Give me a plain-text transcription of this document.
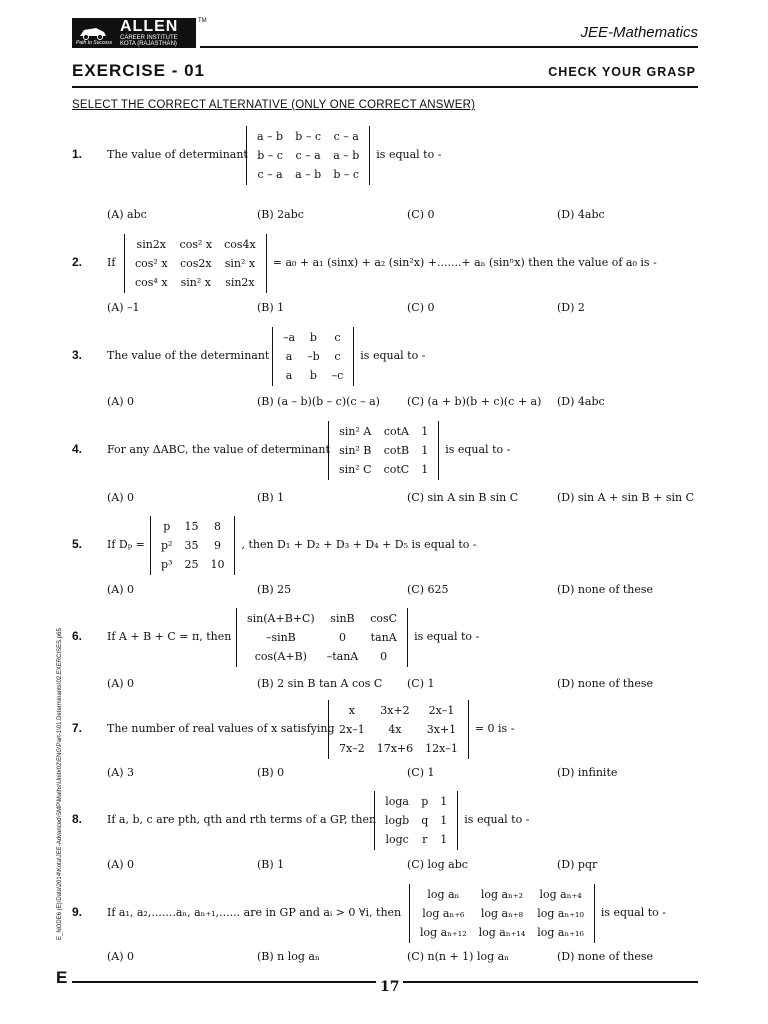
ALLEN
CAREER INSTITUTE
KOTA (RAJASTHAN)
Path to Success
TM
JEE-Mathematics
EXERCISE - 01	CHECK YOUR GRASP
SELECT THE CORRECT ALTERNATIVE (ONLY ONE CORRECT ANSWER)
1. The value of determinant
a – b	b – c	c – a
b – c	c – a	a – b
c – a	a – b	b – c
is equal to -
(A) abc	(B) 2abc	(C) 0	(D) 4abc
2. If
sin2x	cos² x	cos4x
cos² x	cos2x	sin² x
cos⁴ x	sin² x	sin2x
= a₀ + a₁ (sinx) + a₂ (sin²x) +.......+ aₙ (sinⁿx) then the value of a₀ is -
(A) –1	(B) 1	(C) 0	(D) 2
3. The value of the determinant
–a	b	c
a	–b	c
a	b	–c
is equal to -
(A) 0	(B) (a – b)(b – c)(c – a) (C) (a + b)(b + c)(c + a) (D) 4abc
4. For any ΔABC, the value of determinant
sin² A	cotA	1
sin² B	cotB	1
sin² C	cotC	1
is equal to -
(A) 0	(B) 1	(C) sin A sin B sin C	(D) sin A + sin B + sin C
5. If Dₚ =
p	15	8
p²	35	9
p³	25	10
, then D₁ + D₂ + D₃ + D₄ + D₅ is equal to -
(A) 0	(B) 25	(C) 625	(D) none of these
6. If A + B + C = π, then
sin(A+B+C)	sinB	cosC
–sinB	0	tanA
cos(A+B)	–tanA	0
is equal to -
(A) 0	(B) 2 sin B tan A cos C (C) 1	(D) none of these
7. The number of real values of x satisfying
x	3x+2	2x–1
2x–1	4x	3x+1
7x–2	17x+6	12x–1
= 0 is -
(A) 3	(B) 0	(C) 1	(D) infinite
8. If a, b, c are pth, qth and rth terms of a GP, then
loga	p	1
logb	q	1
logc	r	1
is equal to -
(A) 0	(B) 1	(C) log abc	(D) pqr
9. If a₁, a₂,.......aₙ, aₙ₊₁,...... are in GP and aᵢ > 0 ∀i, then
log aₙ	log aₙ₊₂	log aₙ₊₄
log aₙ₊₆	log aₙ₊₈	log aₙ₊₁₀
log aₙ₊₁₂	log aₙ₊₁₄	log aₙ₊₁₆
is equal to -
(A) 0	(B) n log aₙ	(C) n(n + 1) log aₙ	(D) none of these
E_NODE6 (E)\Data\2014\Kota\JEE-Advanced\SMP\Maths\Unit#02\ENG\Part-1\01.Determinants\02.EXERCISES.p65
E	17
